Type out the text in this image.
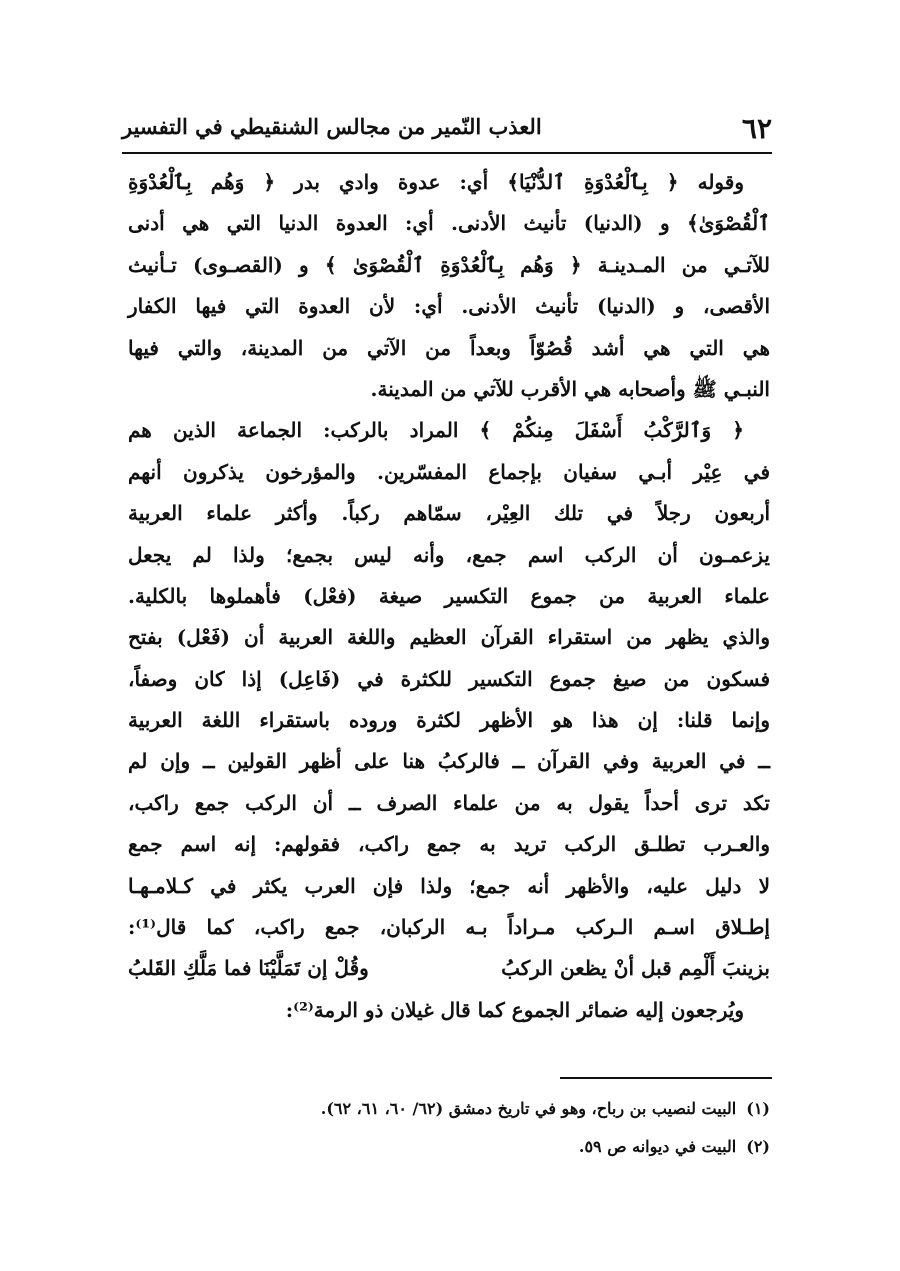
٦٢
العذب النّمير من مجالس الشنقيطي في التفسير
وقوله ﴿ بِٱلْعُدْوَةِ ٱلدُّنْيَا﴾ أي: عدوة وادي بدر ﴿ وَهُم بِٱلْعُدْوَةِ
ٱلْقُصْوَىٰ﴾ و (الدنيا) تأنيث الأدنى. أي: العدوة الدنيا التي هي أدنى
للآتـي من المـدينـة ﴿ وَهُم بِٱلْعُدْوَةِ ٱلْقُصْوَىٰ ﴾ و (القصـوى) تـأنيث
الأقصى، و (الدنيا) تأنيث الأدنى. أي: لأن العدوة التي فيها الكفار
هي التي هي أشد قُصُوّاً وبعداً من الآتي من المدينة، والتي فيها
النبـي ﷺ وأصحابه هي الأقرب للآتي من المدينة.
﴿ وَٱلرَّكْبُ أَسْفَلَ مِنكُمْ ﴾ المراد بالركب: الجماعة الذين هم
في عِيْر أبـي سفيان بإجماع المفسّرين. والمؤرخون يذكرون أنهم
أربعون رجلاً في تلك العِيْر، سمّاهم ركباً. وأكثر علماء العربية
يزعمـون أن الركب اسم جمع، وأنه ليس بجمع؛ ولذا لم يجعل
علماء العربية من جموع التكسير صيغة (فعْل) فأهملوها بالكلية.
والذي يظهر من استقراء القرآن العظيم واللغة العربية أن (فَعْل) بفتح
فسكون من صيغ جموع التكسير للكثرة في (فَاعِل) إذا كان وصفاً،
وإنما قلنا: إن هذا هو الأظهر لكثرة وروده باستقراء اللغة العربية
ــ في العربية وفي القرآن ــ فالركبُ هنا على أظهر القولين ــ وإن لم
تكد ترى أحداً يقول به من علماء الصرف ــ أن الركب جمع راكب،
والعـرب تطلـق الركب تريد به جمع راكب، فقولهم: إنه اسم جمع
لا دليل عليه، والأظهر أنه جمع؛ ولذا فإن العرب يكثر في كـلامـهـا
إطـلاق اسـم الـركب مـراداً بـه الركبان، جمع راكب، كما قال⁽¹⁾:
بزينبَ أَلْمِم قبل أنْ يظعن الركبُ
وقُلْ إن تَمَلَّيْنَا فما مَلَّكِ القَلبُ
ويُرجعون إليه ضمائر الجموع كما قال غيلان ذو الرمة⁽²⁾:
(١)البيت لنصيب بن رباح، وهو في تاريخ دمشق (٦٢/ ٦٠، ٦١، ٦٢).
(٢)البيت في ديوانه ص ٥٩.
